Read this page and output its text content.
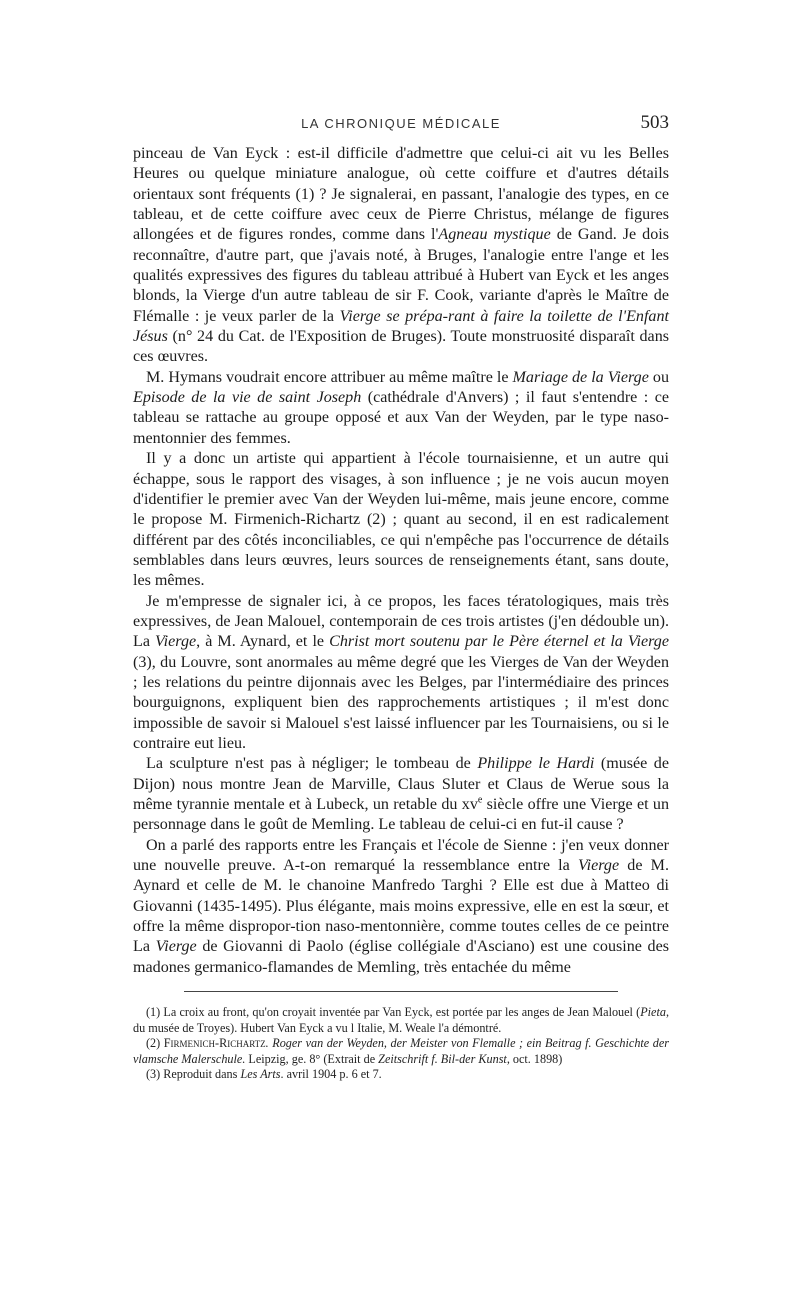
LA CHRONIQUE MÉDICALE	503

pinceau de Van Eyck : est-il difficile d'admettre que celui-ci ait vu les Belles Heures ou quelque miniature analogue, où cette coiffure et d'autres détails orientaux sont fréquents (1) ? Je signalerai, en passant, l'analogie des types, en ce tableau, et de cette coiffure avec ceux de Pierre Christus, mélange de figures allongées et de figures rondes, comme dans l'Agneau mystique de Gand. Je dois reconnaître, d'autre part, que j'avais noté, à Bruges, l'analogie entre l'ange et les qualités expressives des figures du tableau attribué à Hubert van Eyck et les anges blonds, la Vierge d'un autre tableau de sir F. Cook, variante d'après le Maître de Flémalle : je veux parler de la Vierge se prépa-rant à faire la toilette de l'Enfant Jésus (n° 24 du Cat. de l'Exposition de Bruges). Toute monstruosité disparaît dans ces œuvres.

M. Hymans voudrait encore attribuer au même maître le Mariage de la Vierge ou Episode de la vie de saint Joseph (cathédrale d'Anvers) ; il faut s'entendre : ce tableau se rattache au groupe opposé et aux Van der Weyden, par le type naso-mentonnier des femmes.

Il y a donc un artiste qui appartient à l'école tournaisienne, et un autre qui échappe, sous le rapport des visages, à son influence ; je ne vois aucun moyen d'identifier le premier avec Van der Weyden lui-même, mais jeune encore, comme le propose M. Firmenich-Richartz (2) ; quant au second, il en est radicalement différent par des côtés inconciliables, ce qui n'empêche pas l'occurrence de détails semblables dans leurs œuvres, leurs sources de renseignements étant, sans doute, les mêmes.

Je m'empresse de signaler ici, à ce propos, les faces tératologiques, mais très expressives, de Jean Malouel, contemporain de ces trois artistes (j'en dédouble un). La Vierge, à M. Aynard, et le Christ mort soutenu par le Père éternel et la Vierge (3), du Louvre, sont anormales au même degré que les Vierges de Van der Weyden ; les relations du peintre dijonnais avec les Belges, par l'intermédiaire des princes bourguignons, expliquent bien des rapprochements artistiques ; il m'est donc impossible de savoir si Malouel s'est laissé influencer par les Tournaisiens, ou si le contraire eut lieu.

La sculpture n'est pas à négliger; le tombeau de Philippe le Hardi (musée de Dijon) nous montre Jean de Marville, Claus Sluter et Claus de Werue sous la même tyrannie mentale et à Lubeck, un retable du $xv^e$ siècle offre une Vierge et un personnage dans le goût de Memling. Le tableau de celui-ci en fut-il cause ?

On a parlé des rapports entre les Français et l'école de Sienne : j'en veux donner une nouvelle preuve. A-t-on remarqué la ressemblance entre la Vierge de M. Aynard et celle de M. le chanoine Manfredo Targhi ? Elle est due à Matteo di Giovanni (1435-1495). Plus élégante, mais moins expressive, elle en est la sœur, et offre la même dispropor-tion naso-mentonnière, comme toutes celles de ce peintre La Vierge de Giovanni di Paolo (église collégiale d'Asciano) est une cousine des madones germanico-flamandes de Memling, très entachée du même

(1) La croix au front, qu'on croyait inventée par Van Eyck, est portée par les anges de Jean Malouel (Pieta, du musée de Troyes). Hubert Van Eyck a vu l Italie, M. Weale l'a démontré.

(2) Firmenich-Richartz. Roger van der Weyden, der Meister von Flemalle ; ein Beitrag f. Geschichte der vlamsche Malerschule. Leipzig, ge. 8° (Extrait de Zeitschrift f. Bil-der Kunst, oct. 1898)

(3) Reproduit dans Les Arts. avril 1904 p. 6 et 7.
